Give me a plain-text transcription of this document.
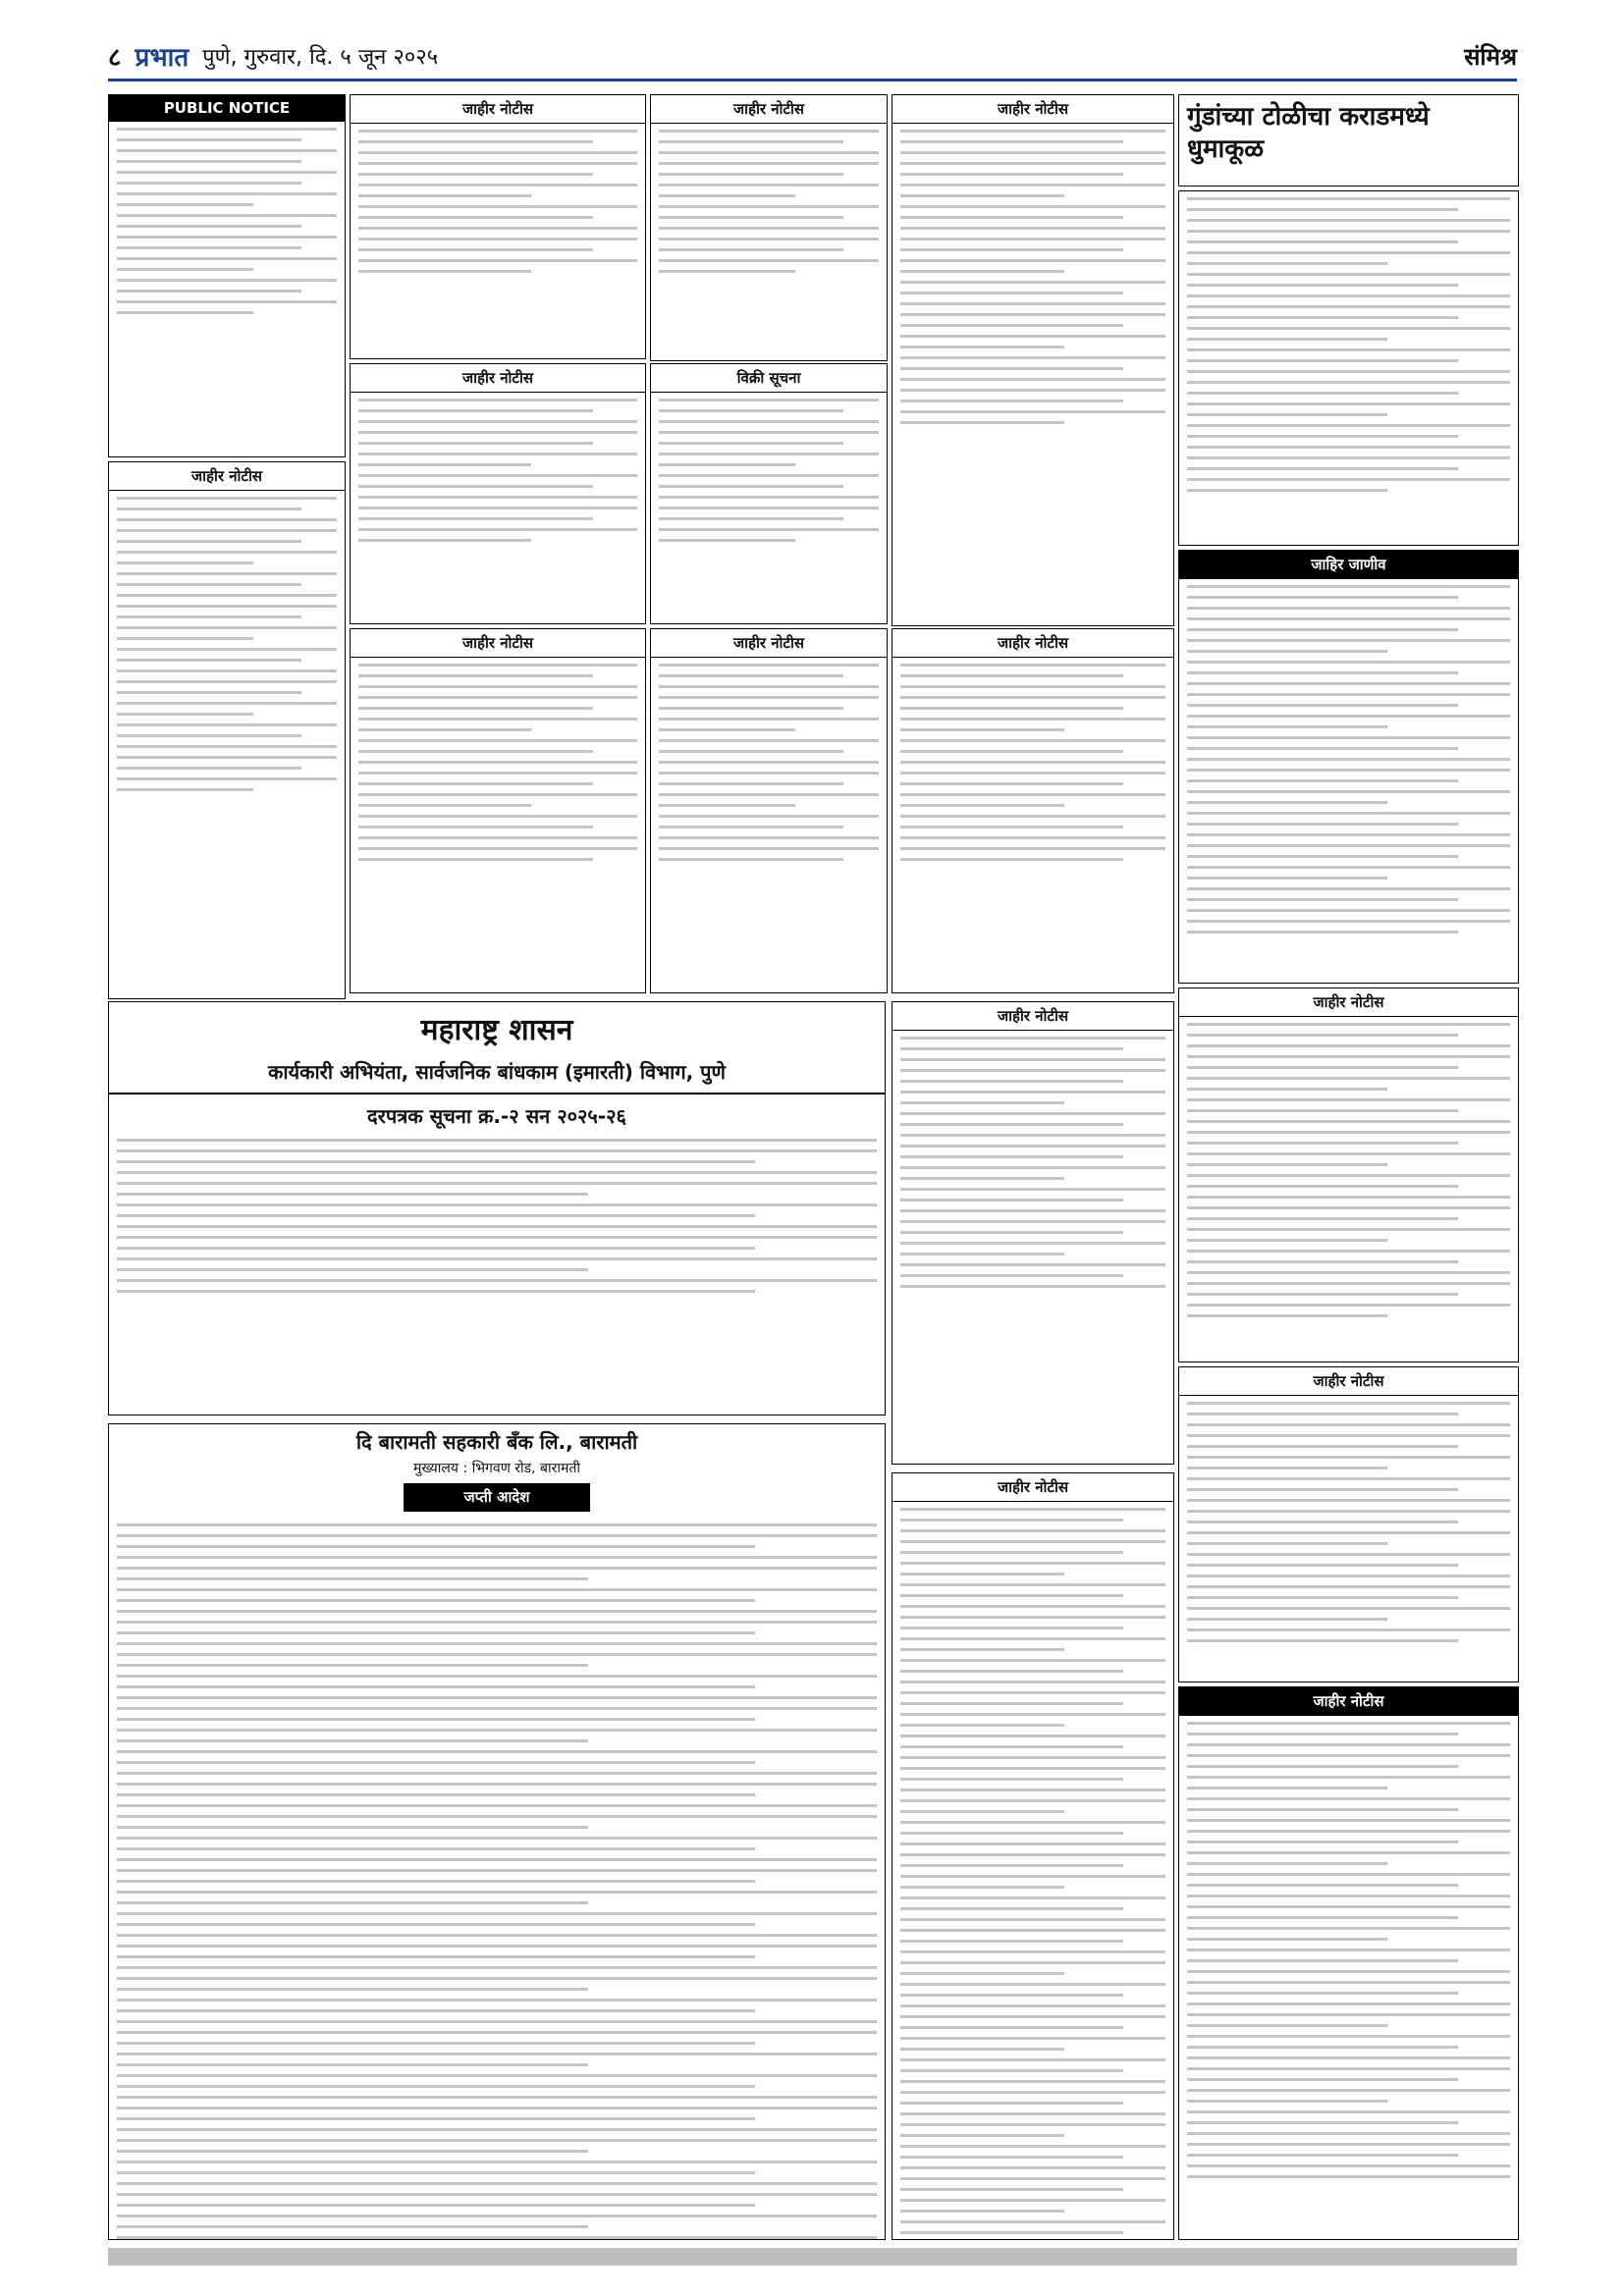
८ प्रभात पुणे, गुरुवार, दि. ५ जून २०२५	संमिश्र
PUBLIC NOTICE
जाहीर नोटीस
महाराष्ट्र शासन
कार्यकारी अभियंता, सार्वजनिक बांधकाम (इमारती) विभाग, पुणे
दरपत्रक सूचना क्र.-२ सन २०२५-२६
दि बारामती सहकारी बँक लि., बारामती
मुख्यालय : भिगवण रोड, बारामती
जप्ती आदेश
जाहीर नोटीस
जाहीर नोटीस
जाहीर नोटीस
विक्री सूचना
जाहीर नोटीस
जाहीर नोटीस	जाहीर नोटीस	जाहीर नोटीस
जाहीर नोटीस
जाहीर नोटीस
गुंडांच्या टोळीचा कराडमध्ये धुमाकूळ
जाहिर जाणीव
जाहीर नोटीस
जाहीर नोटीस
जाहीर नोटीस
